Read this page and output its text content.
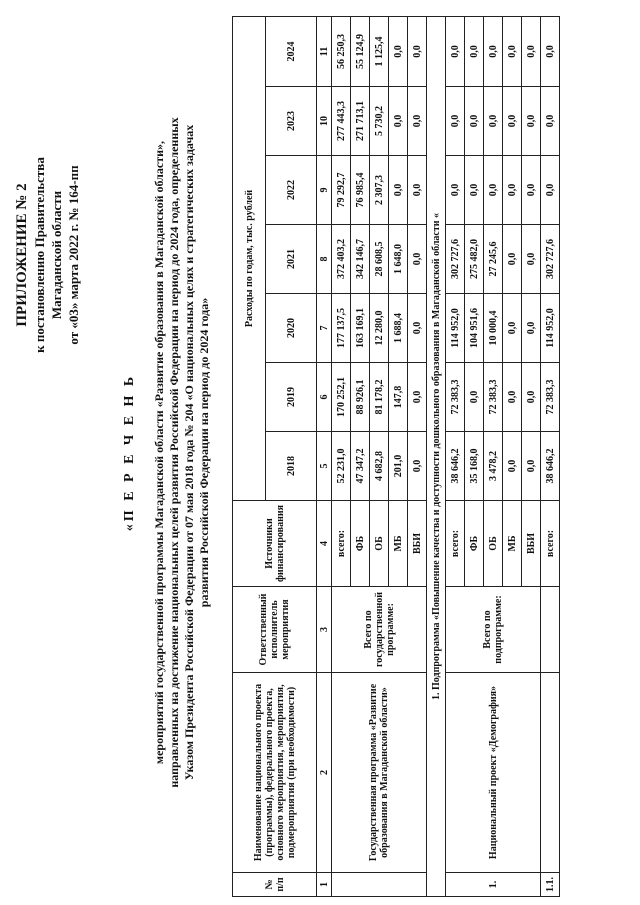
ПРИЛОЖЕНИЕ № 2 к постановлению Правительства Магаданской области от «03» марта 2022 г. № 164-пп
«П Е Р Е Ч Е Н Ь мероприятий государственной программы Магаданской области «Развитие образования в Магаданской области», направленных на достижение национальных целей развития Российской Федерации на период до 2024 года, определенных Указом Президента Российской Федерации от 07 мая 2018 года № 204 «О национальных целях и стратегических задачах развития Российской Федерации на период до 2024 года»
№ п/п	Наименование национального проекта (программы), федерального проекта, основного мероприятия, мероприятия, подмероприятия (при необходимости)	Ответственный исполнитель мероприятия	Источники финансирования	Расходы по годам, тыс. рублей						
				2018	2019	2020	2021	2022	2023	2024
1	2	3	4	5	6	7	8	9	10	11
	Государственная программа «Развитие образования в Магаданской области»	Всего по государственной программе:	всего:	52 231,0	170 252,1	177 137,5	372 403,2	79 292,7	277 443,3	56 250,3
			ФБ	47 347,2	88 926,1	163 169,1	342 146,7	76 985,4	271 713,1	55 124,9
			ОБ	4 682,8	81 178,2	12 280,0	28 608,5	2 307,3	5 730,2	1 125,4
			МБ	201,0	147,8	1 688,4	1 648,0	0,0	0,0	0,0
			ВБИ	0,0	0,0	0,0	0,0	0,0	0,0	0,0
1. Подпрограмма «Повышение качества и доступности дошкольного образования в Магаданской области «										
1.	Национальный проект «Демография»	Всего по подпрограмме:	всего:	38 646,2	72 383,3	114 952,0	302 727,6	0,0	0,0	0,0
			ФБ	35 168,0	0,0	104 951,6	275 482,0	0,0	0,0	0,0
			ОБ	3 478,2	72 383,3	10 000,4	27 245,6	0,0	0,0	0,0
			МБ	0,0	0,0	0,0	0,0	0,0	0,0	0,0
			ВБИ	0,0	0,0	0,0	0,0	0,0	0,0	0,0
1.1.			всего:	38 646,2	72 383,3	114 952,0	302 727,6	0,0	0,0	0,0
